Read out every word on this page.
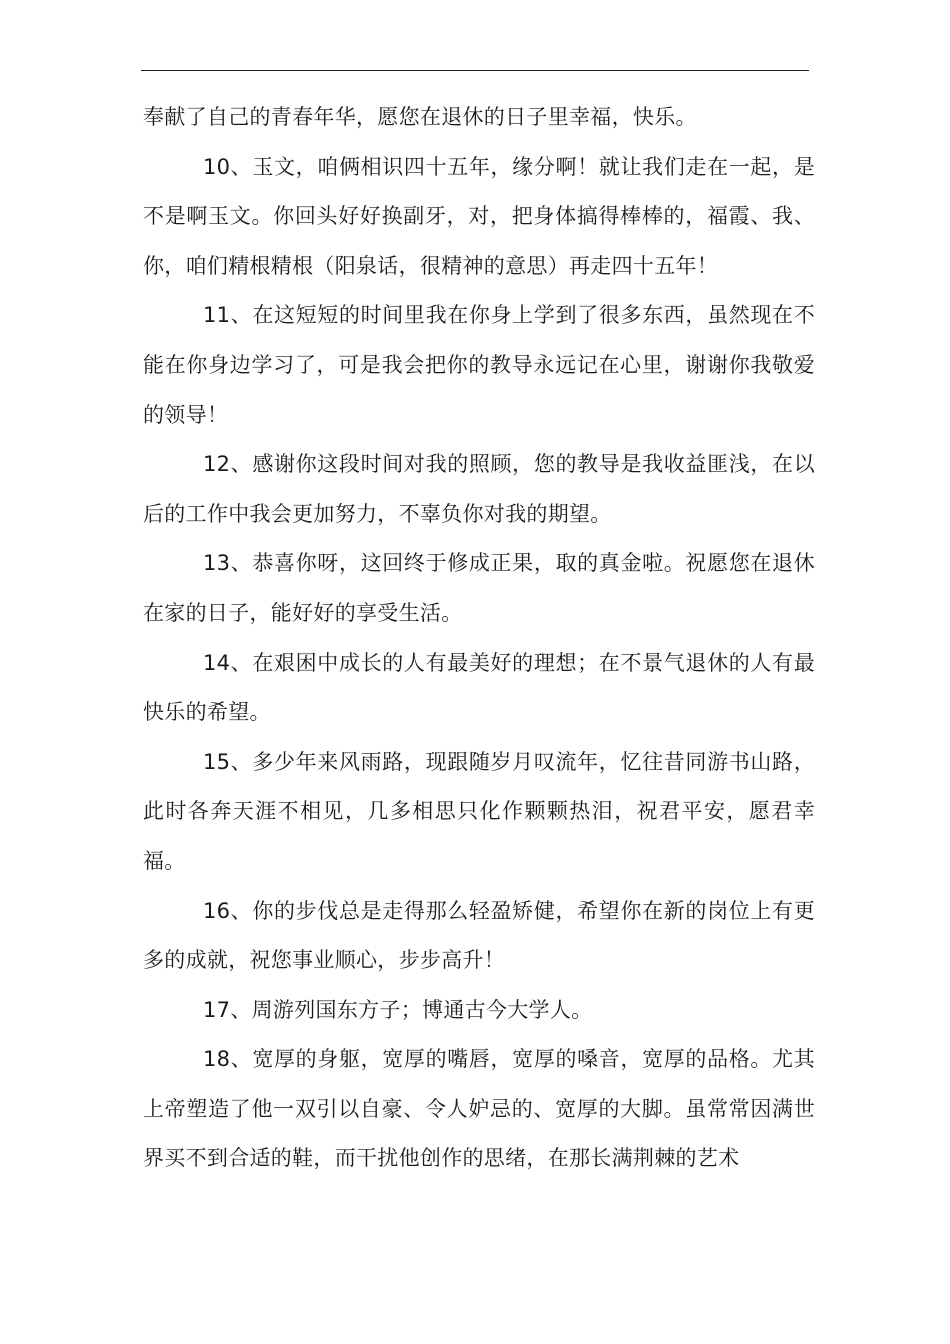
奉献了自己的青春年华，愿您在退休的日子里幸福，快乐。

10、玉文，咱俩相识四十五年，缘分啊！就让我们走在一起，是不是啊玉文。你回头好好换副牙，对，把身体搞得棒棒的，福霞、我、你，咱们精根精根（阳泉话，很精神的意思）再走四十五年！

11、在这短短的时间里我在你身上学到了很多东西，虽然现在不能在你身边学习了，可是我会把你的教导永远记在心里，谢谢你我敬爱的领导！

12、感谢你这段时间对我的照顾，您的教导是我收益匪浅，在以后的工作中我会更加努力，不辜负你对我的期望。

13、恭喜你呀，这回终于修成正果，取的真金啦。祝愿您在退休在家的日子，能好好的享受生活。

14、在艰困中成长的人有最美好的理想；在不景气退休的人有最快乐的希望。

15、多少年来风雨路，现跟随岁月叹流年，忆往昔同游书山路，此时各奔天涯不相见，几多相思只化作颗颗热泪，祝君平安，愿君幸福。

16、你的步伐总是走得那么轻盈矫健，希望你在新的岗位上有更多的成就，祝您事业顺心，步步高升！

17、周游列国东方子；博通古今大学人。

18、宽厚的身躯，宽厚的嘴唇，宽厚的嗓音，宽厚的品格。尤其上帝塑造了他一双引以自豪、令人妒忌的、宽厚的大脚。虽常常因满世界买不到合适的鞋，而干扰他创作的思绪，在那长满荆棘的艺术
